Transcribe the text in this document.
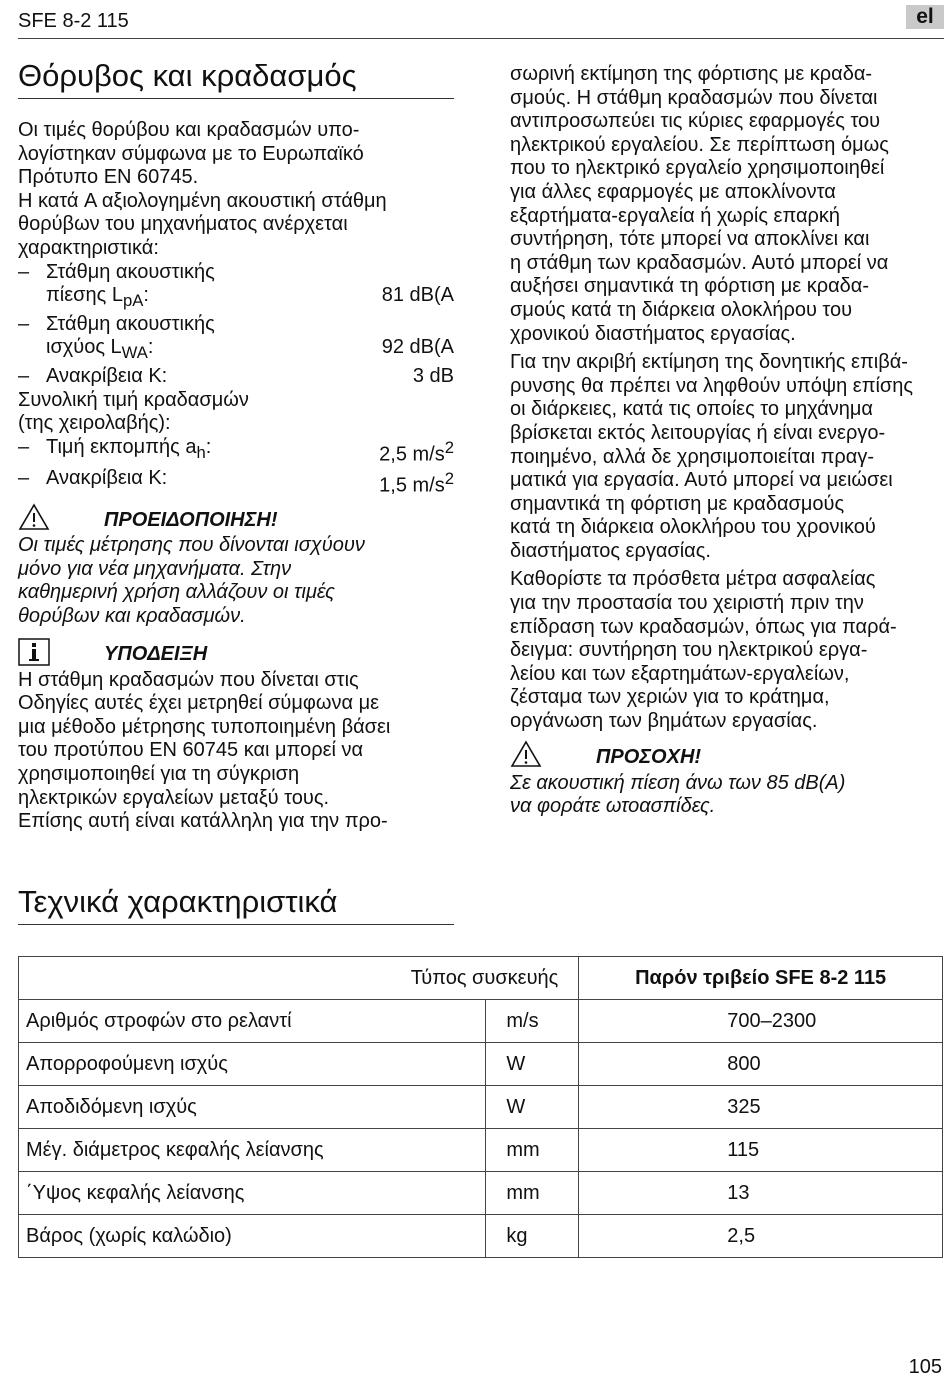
SFE 8-2 115	el
Θόρυβος και κραδασμός
Οι τιμές θορύβου και κραδασμών υπο-
λογίστηκαν σύμφωνα με το Ευρωπαϊκό
Πρότυπο EN 60745.
Η κατά A αξιολογημένη ακουστική στάθμη
θορύβων του μηχανήματος ανέρχεται
χαρακτηριστικά:
– Στάθμη ακουστικής
πίεσης $L_{pA}$:	81 dB(A
– Στάθμη ακουστικής
ισχύος $L_{WA}$:	92 dB(A
– Ανακρίβεια K:	3 dB
Συνολική τιμή κραδασμών
(της χειρολαβής):
– Τιμή εκπομπής $a_h$:	2,5 $m/s^2$
– Ανακρίβεια K:	1,5 $m/s^2$
ΠΡΟΕΙΔΟΠΟΙΗΣΗ!
Οι τιμές μέτρησης που δίνονται ισχύουν
μόνο για νέα μηχανήματα. Στην
καθημερινή χρήση αλλάζουν οι τιμές
θορύβων και κραδασμών.
ΥΠΟΔΕΙΞΗ
Η στάθμη κραδασμών που δίνεται στις
Οδηγίες αυτές έχει μετρηθεί σύμφωνα με
μια μέθοδο μέτρησης τυποποιημένη βάσει
του προτύπου EN 60745 και μπορεί να
χρησιμοποιηθεί για τη σύγκριση
ηλεκτρικών εργαλείων μεταξύ τους.
Επίσης αυτή είναι κατάλληλη για την προ-
σωρινή εκτίμηση της φόρτισης με κραδα-
σμούς. Η στάθμη κραδασμών που δίνεται
αντιπροσωπεύει τις κύριες εφαρμογές του
ηλεκτρικού εργαλείου. Σε περίπτωση όμως
που το ηλεκτρικό εργαλείο χρησιμοποιηθεί
για άλλες εφαρμογές με αποκλίνοντα
εξαρτήματα-εργαλεία ή χωρίς επαρκή
συντήρηση, τότε μπορεί να αποκλίνει και
η στάθμη των κραδασμών. Αυτό μπορεί να
αυξήσει σημαντικά τη φόρτιση με κραδα-
σμούς κατά τη διάρκεια ολοκλήρου του
χρονικού διαστήματος εργασίας.
Για την ακριβή εκτίμηση της δονητικής επιβά-
ρυνσης θα πρέπει να ληφθούν υπόψη επίσης
οι διάρκειες, κατά τις οποίες το μηχάνημα
βρίσκεται εκτός λειτουργίας ή είναι ενεργο-
ποιημένο, αλλά δε χρησιμοποιείται πραγ-
ματικά για εργασία. Αυτό μπορεί να μειώσει
σημαντικά τη φόρτιση με κραδασμούς
κατά τη διάρκεια ολοκλήρου του χρονικού
διαστήματος εργασίας.
Καθορίστε τα πρόσθετα μέτρα ασφαλείας
για την προστασία του χειριστή πριν την
επίδραση των κραδασμών, όπως για παρά-
δειγμα: συντήρηση του ηλεκτρικού εργα-
λείου και των εξαρτημάτων-εργαλείων,
ζέσταμα των χεριών για το κράτημα,
οργάνωση των βημάτων εργασίας.
ΠΡΟΣΟΧΗ!
Σε ακουστική πίεση άνω των 85 dB(A)
να φοράτε ωτοασπίδες.
Τεχνικά χαρακτηριστικά
Τύπος συσκευής		Παρόν τριβείο SFE 8-2 115
Αριθμός στροφών στο ρελαντί	m/s	700–2300
Απορροφούμενη ισχύς	W	800
Αποδιδόμενη ισχύς	W	325
Μέγ. διάμετρος κεφαλής λείανσης	mm	115
΄Υψος κεφαλής λείανσης	mm	13
Βάρος (χωρίς καλώδιο)	kg	2,5
105
